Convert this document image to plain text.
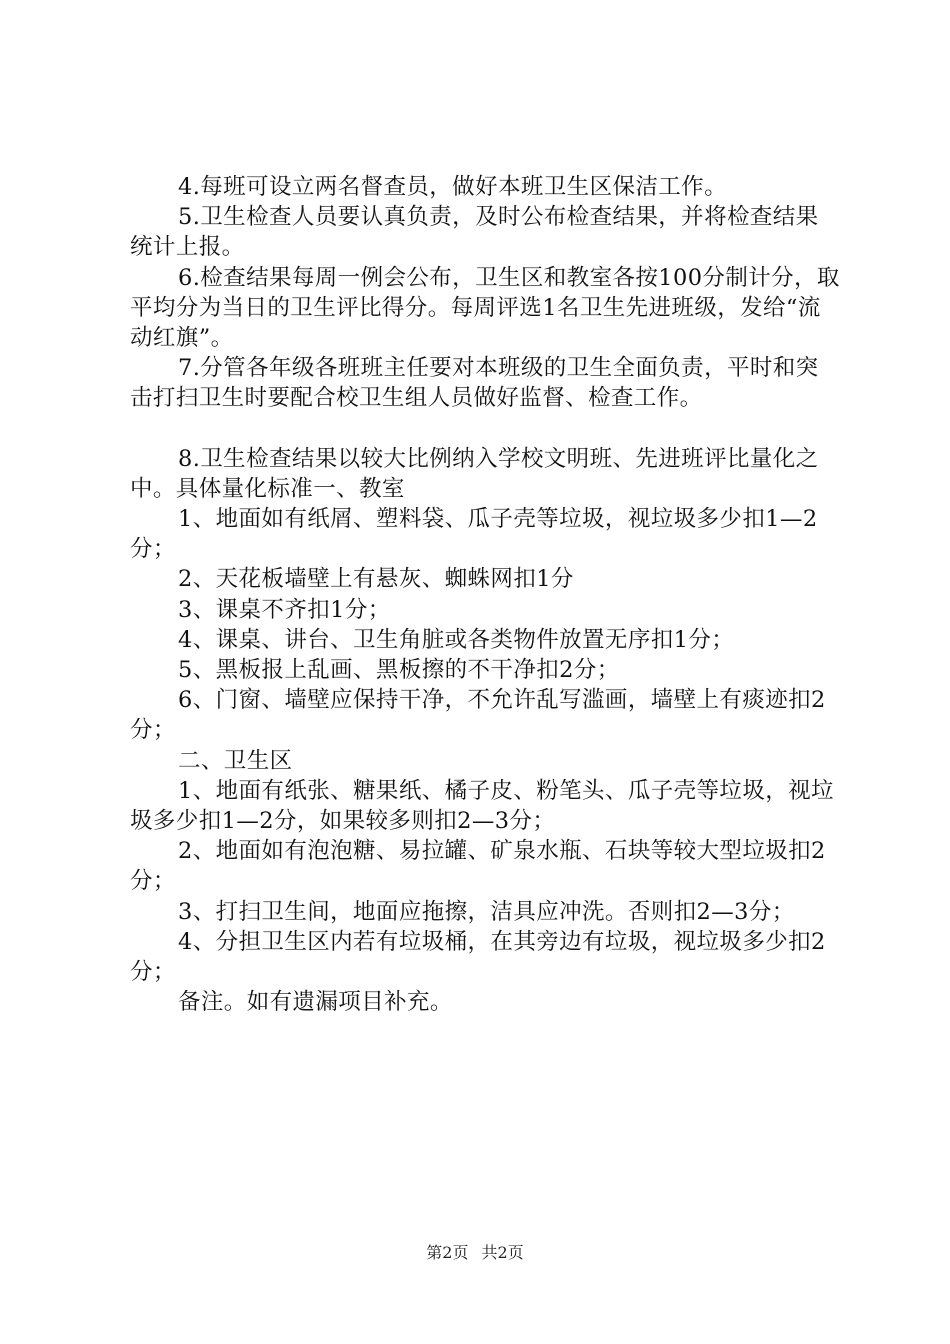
4.每班可设立两名督查员，做好本班卫生区保洁工作。

5.卫生检查人员要认真负责，及时公布检查结果，并将检查结果统计上报。

6.检查结果每周一例会公布，卫生区和教室各按100分制计分，取平均分为当日的卫生评比得分。每周评选1名卫生先进班级，发给“流动红旗”。

7.分管各年级各班班主任要对本班级的卫生全面负责，平时和突击打扫卫生时要配合校卫生组人员做好监督、检查工作。

8.卫生检查结果以较大比例纳入学校文明班、先进班评比量化之中。具体量化标准一、教室

1、地面如有纸屑、塑料袋、瓜子壳等垃圾，视垃圾多少扣1—2分；

2、天花板墙壁上有悬灰、蜘蛛网扣1分

3、课桌不齐扣1分；

4、课桌、讲台、卫生角脏或各类物件放置无序扣1分；

5、黑板报上乱画、黑板擦的不干净扣2分；

6、门窗、墙壁应保持干净，不允许乱写滥画，墙壁上有痰迹扣2分；

二、卫生区

1、地面有纸张、糖果纸、橘子皮、粉笔头、瓜子壳等垃圾，视垃圾多少扣1—2分，如果较多则扣2—3分；

2、地面如有泡泡糖、易拉罐、矿泉水瓶、石块等较大型垃圾扣2分；

3、打扫卫生间，地面应拖擦，洁具应冲洗。否则扣2—3分；

4、分担卫生区内若有垃圾桶，在其旁边有垃圾，视垃圾多少扣2分；

备注。如有遗漏项目补充。

第2页 共2页
